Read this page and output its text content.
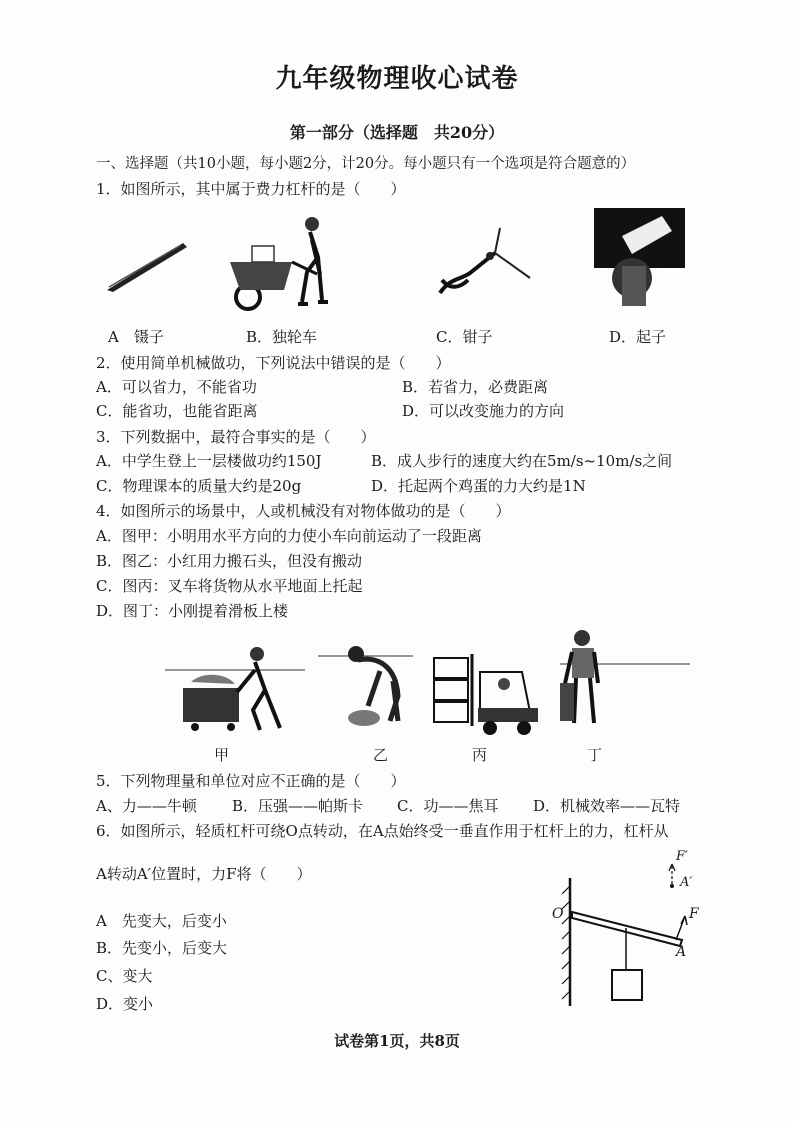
九年级物理收心试卷
第一部分（选择题　共20分）
一、选择题（共10小题，每小题2分，计20分。每小题只有一个选项是符合题意的）
1．如图所示，其中属于费力杠杆的是（　　）
A　镊子	B．独轮车	C．钳子	D．起子
2．使用简单机械做功，下列说法中错误的是（　　）
A．可以省力，不能省功	B．若省力，必费距离
C．能省功，也能省距离	D．可以改变施力的方向
3．下列数据中，最符合事实的是（　　）
A．中学生登上一层楼做功约150J	B．成人步行的速度大约在5m/s~10m/s之间
C．物理课本的质量大约是20g	D．托起两个鸡蛋的力大约是1N
4．如图所示的场景中，人或机械没有对物体做功的是（　　）
A．图甲：小明用水平方向的力使小车向前运动了一段距离
B．图乙：小红用力搬石头，但没有搬动
C．图丙：叉车将货物从水平地面上托起
D．图丁：小刚提着滑板上楼
甲	乙	丙	丁
5．下列物理量和单位对应不正确的是（　　）
A、力——牛顿 B．压强——帕斯卡 C．功——焦耳 D．机械效率——瓦特
6．如图所示，轻质杠杆可绕O点转动，在A点始终受一垂直作用于杠杆上的力，杠杆从
A转动A′位置时，力F将（　　）
A　先变大，后变小
B．先变小，后变大
C、变大
D．变小
O
A
F
A′
F′
试卷第1页，共8页
